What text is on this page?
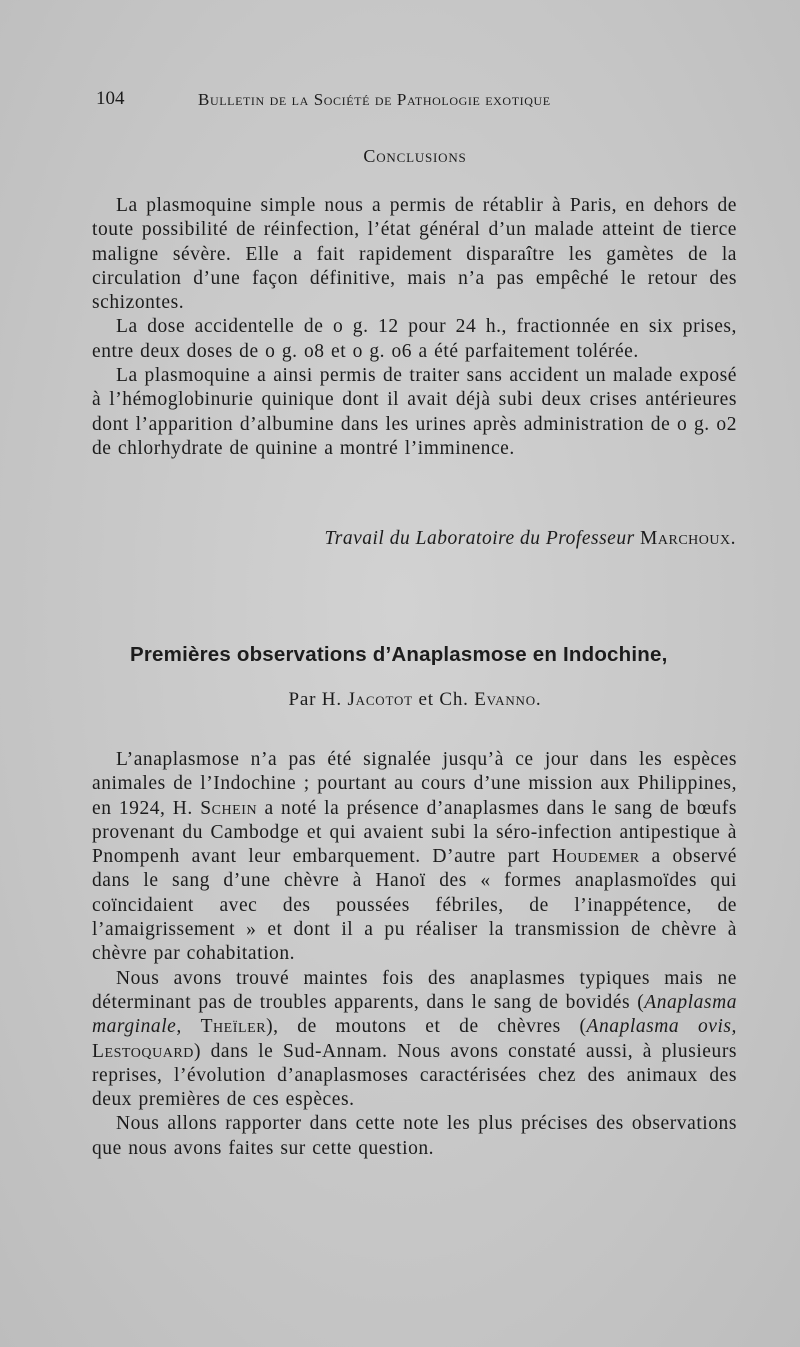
104	Bulletin de la Société de Pathologie exotique
Conclusions

La plasmoquine simple nous a permis de rétablir à Paris, en dehors de toute possibilité de réinfection, l’état général d’un malade atteint de tierce maligne sévère. Elle a fait rapidement disparaître les gamètes de la circulation d’une façon définitive, mais n’a pas empêché le retour des schizontes.

La dose accidentelle de o g. 12 pour 24 h., fractionnée en six prises, entre deux doses de o g. o8 et o g. o6 a été parfaitement tolérée.

La plasmoquine a ainsi permis de traiter sans accident un malade exposé à l’hémoglobinurie quinique dont il avait déjà subi deux crises antérieures dont l’apparition d’albumine dans les urines après administration de o g. o2 de chlorhydrate de quinine a montré l’imminence.

Travail du Laboratoire du Professeur Marchoux.
Premières observations d’Anaplasmose en Indochine,
Par H. Jacotot et Ch. Evanno.

L’anaplasmose n’a pas été signalée jusqu’à ce jour dans les espèces animales de l’Indochine ; pourtant au cours d’une mission aux Philippines, en 1924, H. Schein a noté la présence d’anaplasmes dans le sang de bœufs provenant du Cambodge et qui avaient subi la séro-infection antipestique à Pnompenh avant leur embarquement. D’autre part Houdemer a observé dans le sang d’une chèvre à Hanoï des « formes anaplasmoïdes qui coïncidaient avec des poussées fébriles, de l’inappétence, de l’amaigrissement » et dont il a pu réaliser la transmission de chèvre à chèvre par cohabitation.

Nous avons trouvé maintes fois des anaplasmes typiques mais ne déterminant pas de troubles apparents, dans le sang de bovidés (Anaplasma marginale, Theïler), de moutons et de chèvres (Anaplasma ovis, Lestoquard) dans le Sud-Annam. Nous avons constaté aussi, à plusieurs reprises, l’évolution d’anaplasmoses caractérisées chez des animaux des deux premières de ces espèces.

Nous allons rapporter dans cette note les plus précises des observations que nous avons faites sur cette question.
